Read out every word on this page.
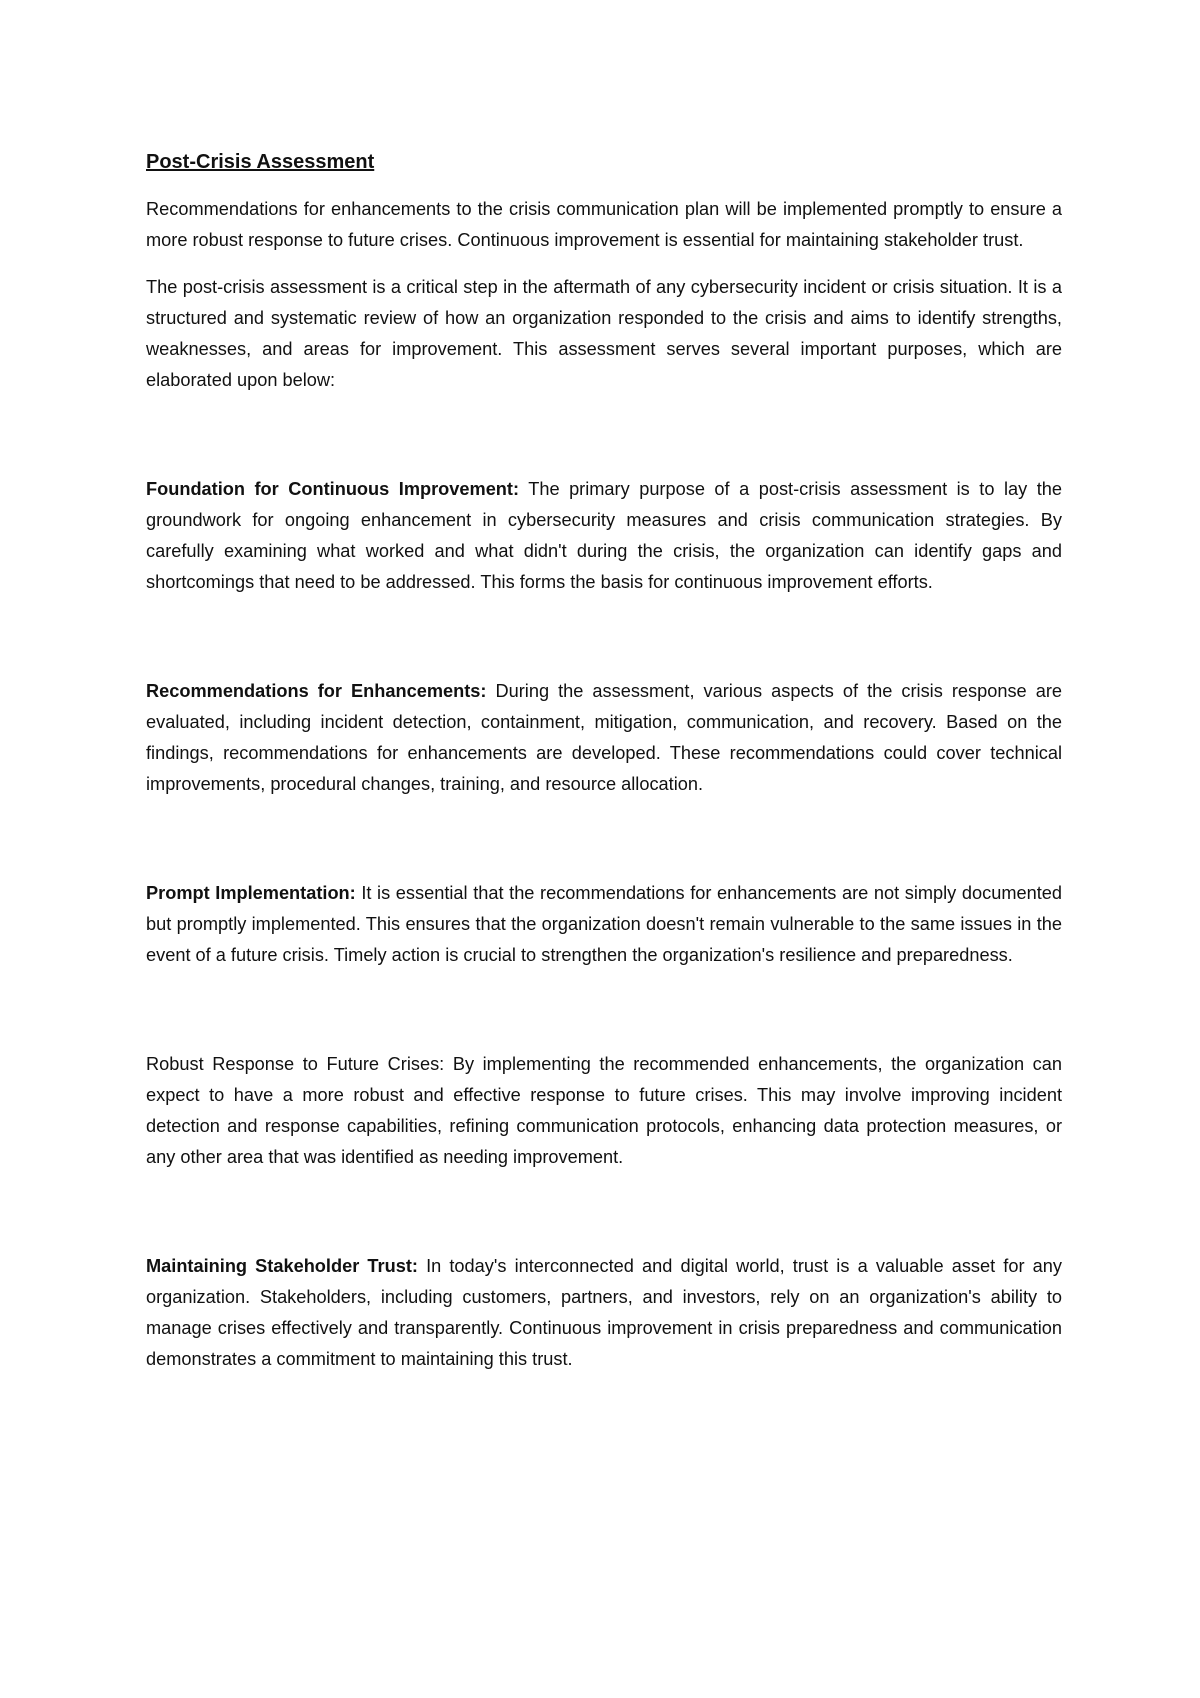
Post-Crisis Assessment

Recommendations for enhancements to the crisis communication plan will be implemented promptly to ensure a more robust response to future crises. Continuous improvement is essential for maintaining stakeholder trust.

The post-crisis assessment is a critical step in the aftermath of any cybersecurity incident or crisis situation. It is a structured and systematic review of how an organization responded to the crisis and aims to identify strengths, weaknesses, and areas for improvement. This assessment serves several important purposes, which are elaborated upon below:

Foundation for Continuous Improvement: The primary purpose of a post-crisis assessment is to lay the groundwork for ongoing enhancement in cybersecurity measures and crisis communication strategies. By carefully examining what worked and what didn't during the crisis, the organization can identify gaps and shortcomings that need to be addressed. This forms the basis for continuous improvement efforts.

Recommendations for Enhancements: During the assessment, various aspects of the crisis response are evaluated, including incident detection, containment, mitigation, communication, and recovery. Based on the findings, recommendations for enhancements are developed. These recommendations could cover technical improvements, procedural changes, training, and resource allocation.

Prompt Implementation: It is essential that the recommendations for enhancements are not simply documented but promptly implemented. This ensures that the organization doesn't remain vulnerable to the same issues in the event of a future crisis. Timely action is crucial to strengthen the organization's resilience and preparedness.

Robust Response to Future Crises: By implementing the recommended enhancements, the organization can expect to have a more robust and effective response to future crises. This may involve improving incident detection and response capabilities, refining communication protocols, enhancing data protection measures, or any other area that was identified as needing improvement.

Maintaining Stakeholder Trust: In today's interconnected and digital world, trust is a valuable asset for any organization. Stakeholders, including customers, partners, and investors, rely on an organization's ability to manage crises effectively and transparently. Continuous improvement in crisis preparedness and communication demonstrates a commitment to maintaining this trust.
